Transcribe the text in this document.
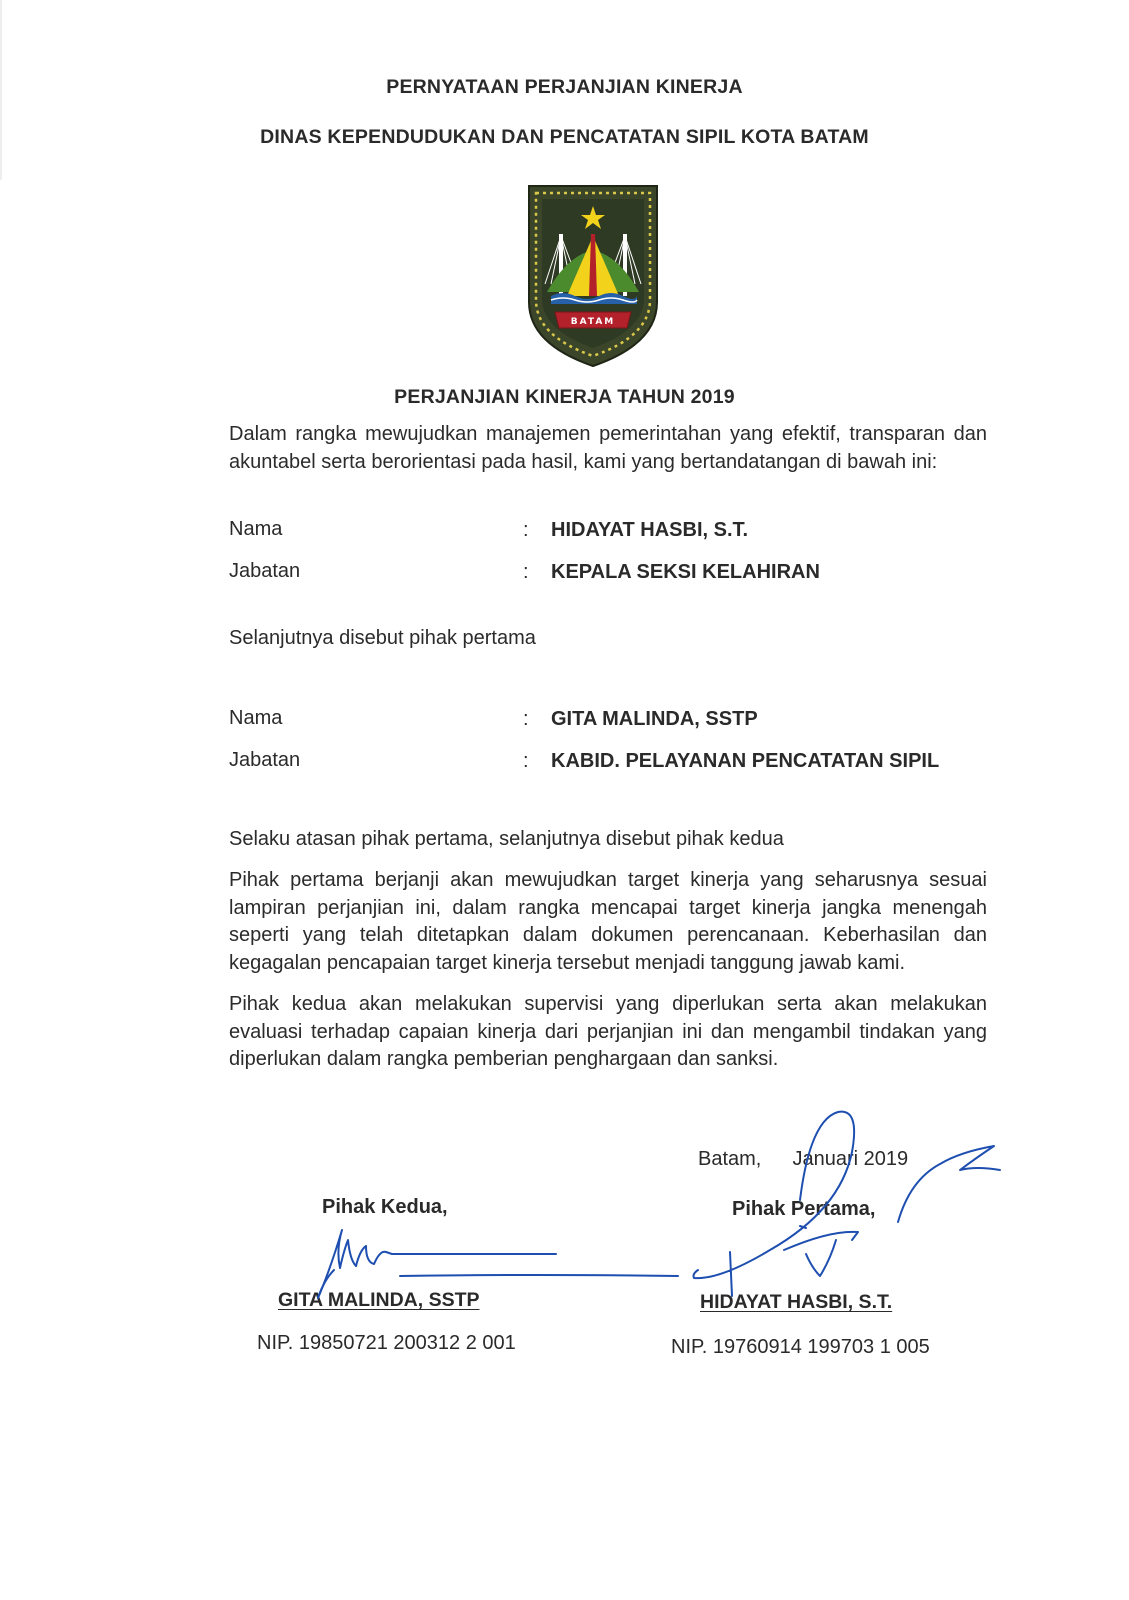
PERNYATAAN PERJANJIAN KINERJA
DINAS KEPENDUDUKAN DAN PENCATATAN SIPIL KOTA BATAM
BATAM
PERJANJIAN KINERJA TAHUN 2019
Dalam rangka mewujudkan manajemen pemerintahan yang efektif, transparan dan akuntabel serta berorientasi pada hasil, kami yang bertandatangan di bawah ini:
Nama	: HIDAYAT HASBI, S.T.
Jabatan	: KEPALA SEKSI KELAHIRAN
Selanjutnya disebut pihak pertama
Nama	: GITA MALINDA, SSTP
Jabatan	: KABID. PELAYANAN PENCATATAN SIPIL
Selaku atasan pihak pertama, selanjutnya disebut pihak kedua
Pihak pertama berjanji akan mewujudkan target kinerja yang seharusnya sesuai lampiran perjanjian ini, dalam rangka mencapai target kinerja jangka menengah seperti yang telah ditetapkan dalam dokumen perencanaan. Keberhasilan dan kegagalan pencapaian target kinerja tersebut menjadi tanggung jawab kami.
Pihak kedua akan melakukan supervisi yang diperlukan serta akan melakukan evaluasi terhadap capaian kinerja dari perjanjian ini dan mengambil tindakan yang diperlukan dalam rangka pemberian penghargaan dan sanksi.
Batam, Januari 2019
Pihak Kedua,	Pihak Pertama,
GITA MALINDA, SSTP	HIDAYAT HASBI, S.T.
NIP. 19850721 200312 2 001	NIP. 19760914 199703 1 005
